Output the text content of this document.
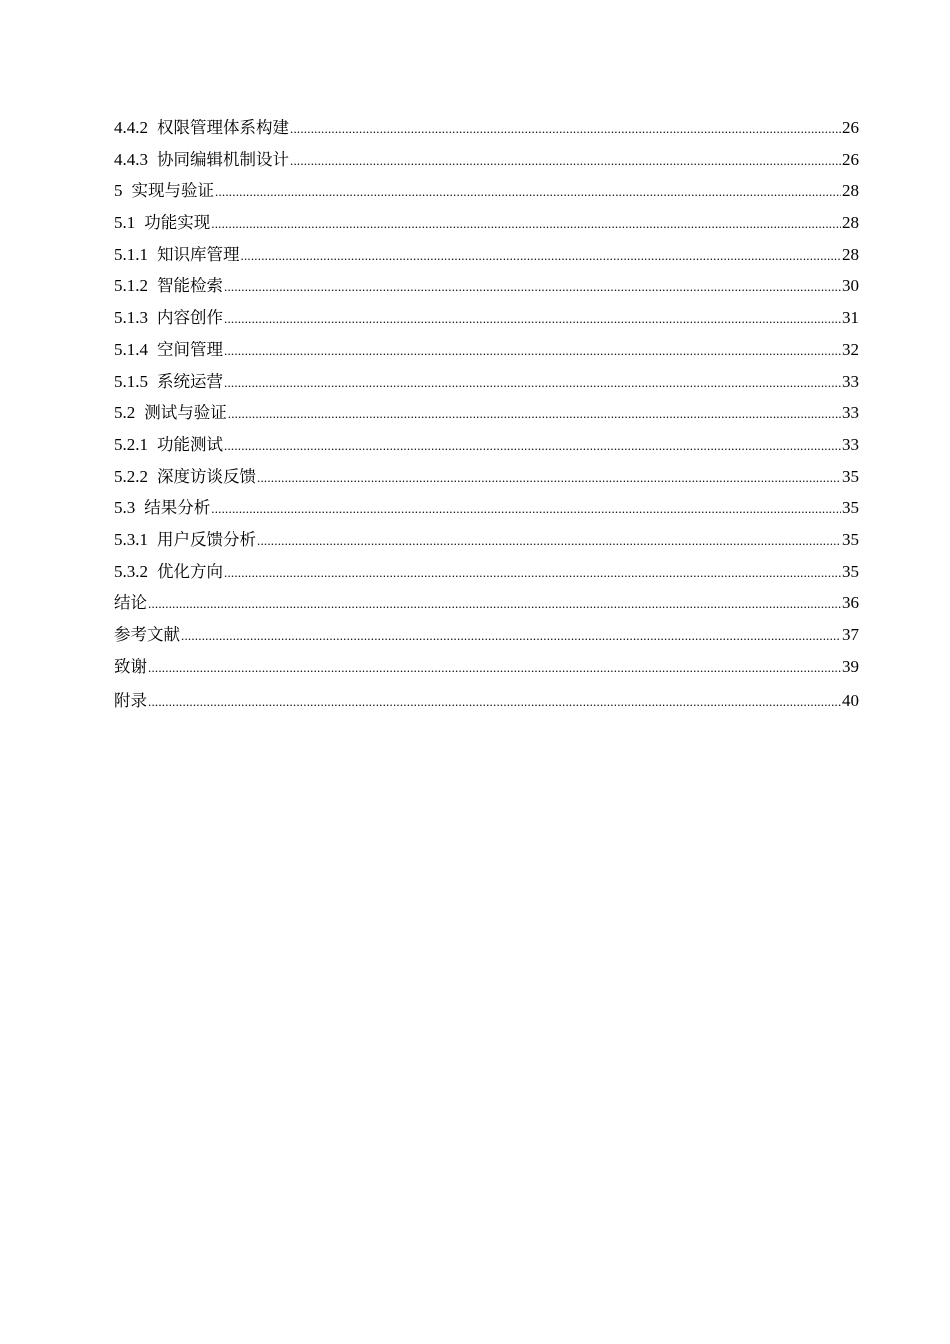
4.4.2 权限管理体系构建 .....	26
4.4.3 协同编辑机制设计 .....	26
5 实现与验证 .....	28
5.1 功能实现 .....	28
5.1.1 知识库管理 .....	28
5.1.2 智能检索 .....	30
5.1.3 内容创作 .....	31
5.1.4 空间管理 .....	32
5.1.5 系统运营 .....	33
5.2 测试与验证 .....	33
5.2.1 功能测试 .....	33
5.2.2 深度访谈反馈 .....	35
5.3 结果分析 .....	35
5.3.1 用户反馈分析 .....	35
5.3.2 优化方向 .....	35
结论 .....	36
参考文献 .....	37
致谢 .....	39
附录 .....	40
